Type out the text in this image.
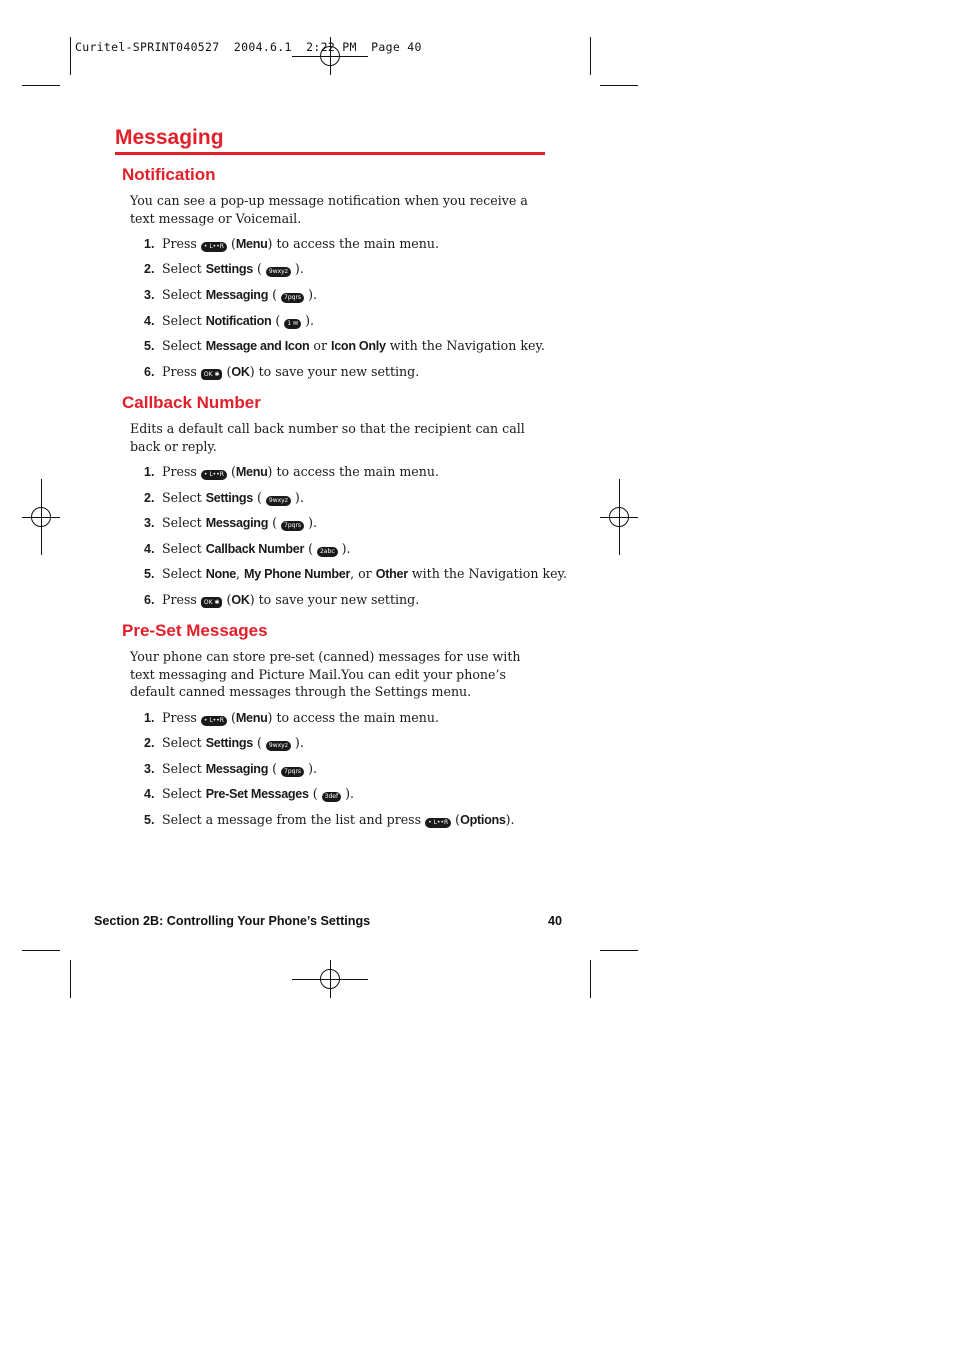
Curitel-SPRINT040527  2004.6.1  2:22 PM  Page 40
Messaging
Notification

You can see a pop-up message notification when you receive a text message or Voicemail.

1. Press • L••R (Menu) to access the main menu.
2. Select Settings ( 9wxyz ).
3. Select Messaging ( 7pqrs ).
4. Select Notification ( 1 ✉ ).
5. Select Message and Icon or Icon Only with the Navigation key.
6. Press OK ✱ (OK) to save your new setting.
Callback Number

Edits a default call back number so that the recipient can call back or reply.

1. Press • L••R (Menu) to access the main menu.
2. Select Settings ( 9wxyz ).
3. Select Messaging ( 7pqrs ).
4. Select Callback Number ( 2abc ).
5. Select None, My Phone Number, or Other with the Navigation key.
6. Press OK ✱ (OK) to save your new setting.
Pre-Set Messages

Your phone can store pre-set (canned) messages for use with text messaging and Picture Mail.You can edit your phone’s default canned messages through the Settings menu.

1. Press • L••R (Menu) to access the main menu.
2. Select Settings ( 9wxyz ).
3. Select Messaging ( 7pqrs ).
4. Select Pre-Set Messages ( 3def ).
5. Select a message from the list and press • L••R (Options).
Section 2B: Controlling Your Phone’s Settings	40
